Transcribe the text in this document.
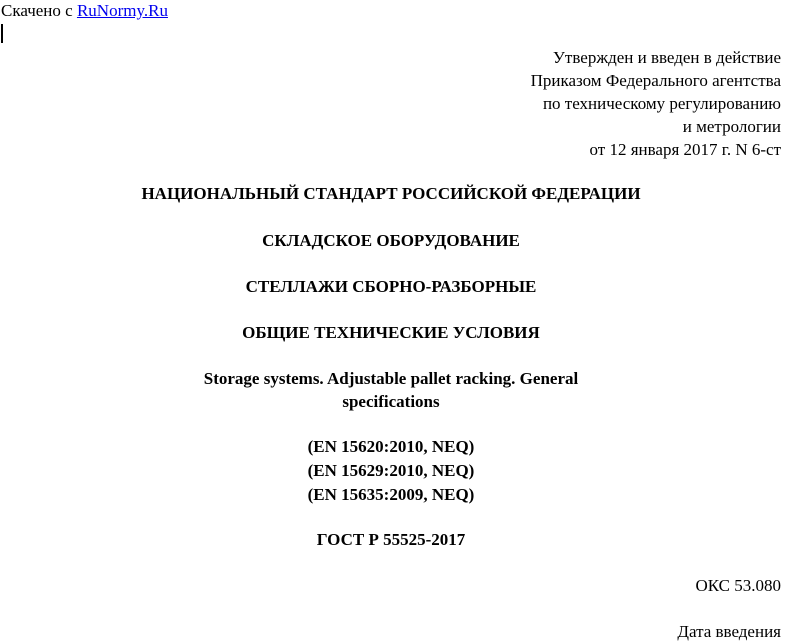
Скачено с RuNormy.Ru
Утвержден и введен в действие
Приказом Федерального агентства
по техническому регулированию
и метрологии
от 12 января 2017 г. N 6-ст
НАЦИОНАЛЬНЫЙ СТАНДАРТ РОССИЙСКОЙ ФЕДЕРАЦИИ
СКЛАДСКОЕ ОБОРУДОВАНИЕ
СТЕЛЛАЖИ СБОРНО-РАЗБОРНЫЕ
ОБЩИЕ ТЕХНИЧЕСКИЕ УСЛОВИЯ
Storage systems. Adjustable pallet racking. General
specifications
(EN 15620:2010, NEQ)
(EN 15629:2010, NEQ)
(EN 15635:2009, NEQ)
ГОСТ Р 55525-2017
ОКС 53.080
Дата введения
